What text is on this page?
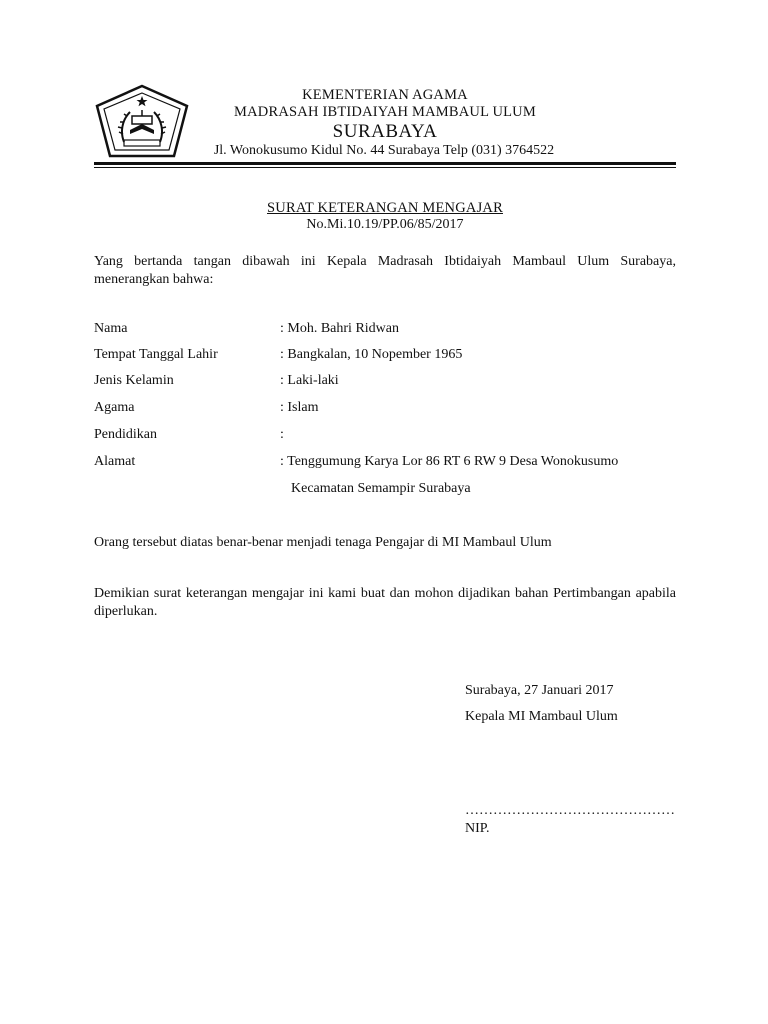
KEMENTERIAN AGAMA
MADRASAH IBTIDAIYAH MAMBAUL ULUM
SURABAYA
Jl. Wonokusumo Kidul No. 44 Surabaya Telp (031) 3764522
SURAT KETERANGAN MENGAJAR
No.Mi.10.19/PP.06/85/2017
Yang bertanda tangan dibawah ini Kepala Madrasah Ibtidaiyah Mambaul Ulum Surabaya, menerangkan bahwa:
Nama	: Moh. Bahri Ridwan
Tempat Tanggal Lahir	: Bangkalan, 10 Nopember 1965
Jenis Kelamin	: Laki-laki
Agama	: Islam
Pendidikan	:
Alamat	: Tenggumung Karya Lor 86 RT 6 RW 9 Desa Wonokusumo
Kecamatan Semampir Surabaya
Orang tersebut diatas benar-benar menjadi tenaga Pengajar di MI Mambaul Ulum
Demikian surat keterangan mengajar ini kami buat dan mohon dijadikan bahan Pertimbangan apabila diperlukan.
Surabaya, 27 Januari 2017
Kepala MI Mambaul Ulum
………………………………………
NIP.
